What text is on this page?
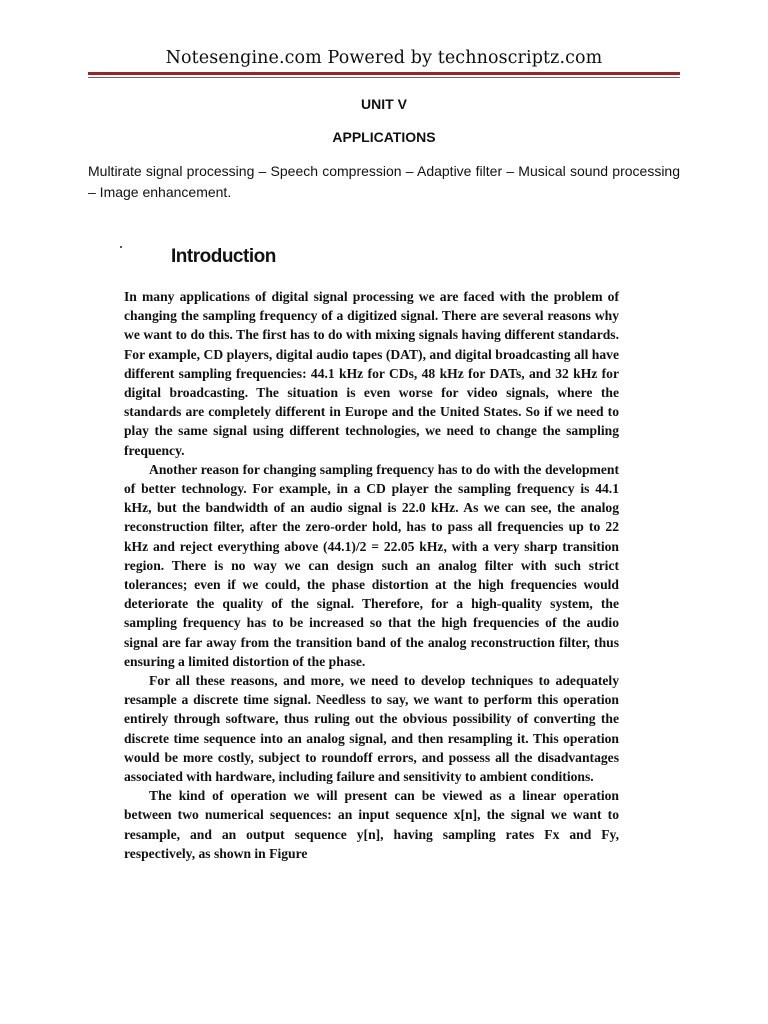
Notesengine.com Powered by technoscriptz.com
UNIT V
APPLICATIONS

Multirate signal processing – Speech compression – Adaptive filter – Musical sound processing – Image enhancement.

Introduction

In many applications of digital signal processing we are faced with the problem of changing the sampling frequency of a digitized signal. There are several reasons why we want to do this. The first has to do with mixing signals having different standards. For example, CD players, digital audio tapes (DAT), and digital broadcasting all have different sampling frequencies: 44.1 kHz for CDs, 48 kHz for DATs, and 32 kHz for digital broadcasting. The situation is even worse for video signals, where the standards are completely different in Europe and the United States. So if we need to play the same signal using different technologies, we need to change the sampling frequency.

Another reason for changing sampling frequency has to do with the development of better technology. For example, in a CD player the sampling frequency is 44.1 kHz, but the bandwidth of an audio signal is 22.0 kHz. As we can see, the analog reconstruction filter, after the zero-order hold, has to pass all frequencies up to 22 kHz and reject everything above (44.1)/2 = 22.05 kHz, with a very sharp transition region. There is no way we can design such an analog filter with such strict tolerances; even if we could, the phase distortion at the high frequencies would deteriorate the quality of the signal. Therefore, for a high-quality system, the sampling frequency has to be increased so that the high frequencies of the audio signal are far away from the transition band of the analog reconstruction filter, thus ensuring a limited distortion of the phase.

For all these reasons, and more, we need to develop techniques to adequately resample a discrete time signal. Needless to say, we want to perform this operation entirely through software, thus ruling out the obvious possibility of converting the discrete time sequence into an analog signal, and then resampling it. This operation would be more costly, subject to roundoff errors, and possess all the disadvantages associated with hardware, including failure and sensitivity to ambient conditions.

The kind of operation we will present can be viewed as a linear operation between two numerical sequences: an input sequence x[n], the signal we want to resample, and an output sequence y[n], having sampling rates Fx and Fy, respectively, as shown in Figure
